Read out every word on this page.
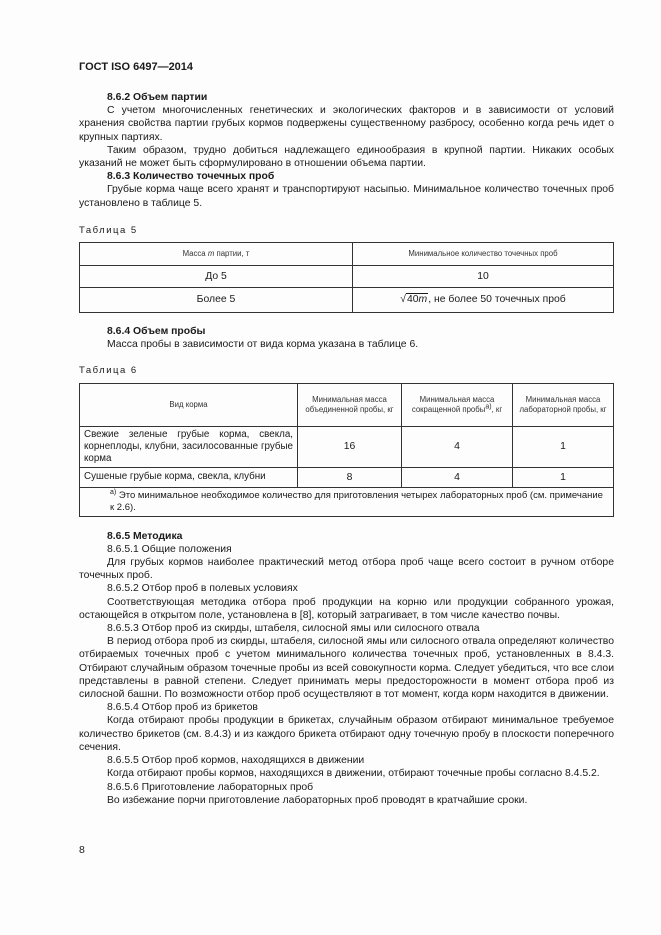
ГОСТ ISO 6497—2014

8.6.2 Объем партии

С учетом многочисленных генетических и экологических факторов и в зависимости от условий хранения свойства партии грубых кормов подвержены существенному разбросу, особенно когда речь идет о крупных партиях.

Таким образом, трудно добиться надлежащего единообразия в крупной партии. Никаких особых указаний не может быть сформулировано в отношении объема партии.

8.6.3 Количество точечных проб

Грубые корма чаще всего хранят и транспортируют насыпью. Минимальное количество точечных проб установлено в таблице 5.

Таблица 5
Масса m партии, т	Минимальное количество точечных проб
До 5	10
Более 5	√40m, не более 50 точечных проб

8.6.4 Объем пробы

Масса пробы в зависимости от вида корма указана в таблице 6.

Таблица 6
Вид корма	Минимальная масса объединенной пробы, кг	Минимальная масса сокращенной пробы$^{а)}$, кг	Минимальная масса лабораторной пробы, кг
Свежие зеленые грубые корма, свекла, корнеплоды, клубни, засилосованные грубые корма	16	4	1
Сушеные грубые корма, свекла, клубни	8	4	1
$^{а)}$ Это минимальное необходимое количество для приготовления четырех лабораторных проб (см. примечание к 2.6).			

8.6.5 Методика

8.6.5.1 Общие положения

Для грубых кормов наиболее практический метод отбора проб чаще всего состоит в ручном отборе точечных проб.

8.6.5.2 Отбор проб в полевых условиях

Соответствующая методика отбора проб продукции на корню или продукции собранного урожая, остающейся в открытом поле, установлена в [8], который затрагивает, в том числе качество почвы.

8.6.5.3 Отбор проб из скирды, штабеля, силосной ямы или силосного отвала

В период отбора проб из скирды, штабеля, силосной ямы или силосного отвала определяют количество отбираемых точечных проб с учетом минимального количества точечных проб, установленных в 8.4.3. Отбирают случайным образом точечные пробы из всей совокупности корма. Следует убедиться, что все слои представлены в равной степени. Следует принимать меры предосторожности в момент отбора проб из силосной башни. По возможности отбор проб осуществляют в тот момент, когда корм находится в движении.

8.6.5.4 Отбор проб из брикетов

Когда отбирают пробы продукции в брикетах, случайным образом отбирают минимальное требуемое количество брикетов (см. 8.4.3) и из каждого брикета отбирают одну точечную пробу в плоскости поперечного сечения.

8.6.5.5 Отбор проб кормов, находящихся в движении

Когда отбирают пробы кормов, находящихся в движении, отбирают точечные пробы согласно 8.4.5.2.

8.6.5.6 Приготовление лабораторных проб

Во избежание порчи приготовление лабораторных проб проводят в кратчайшие сроки.

8
